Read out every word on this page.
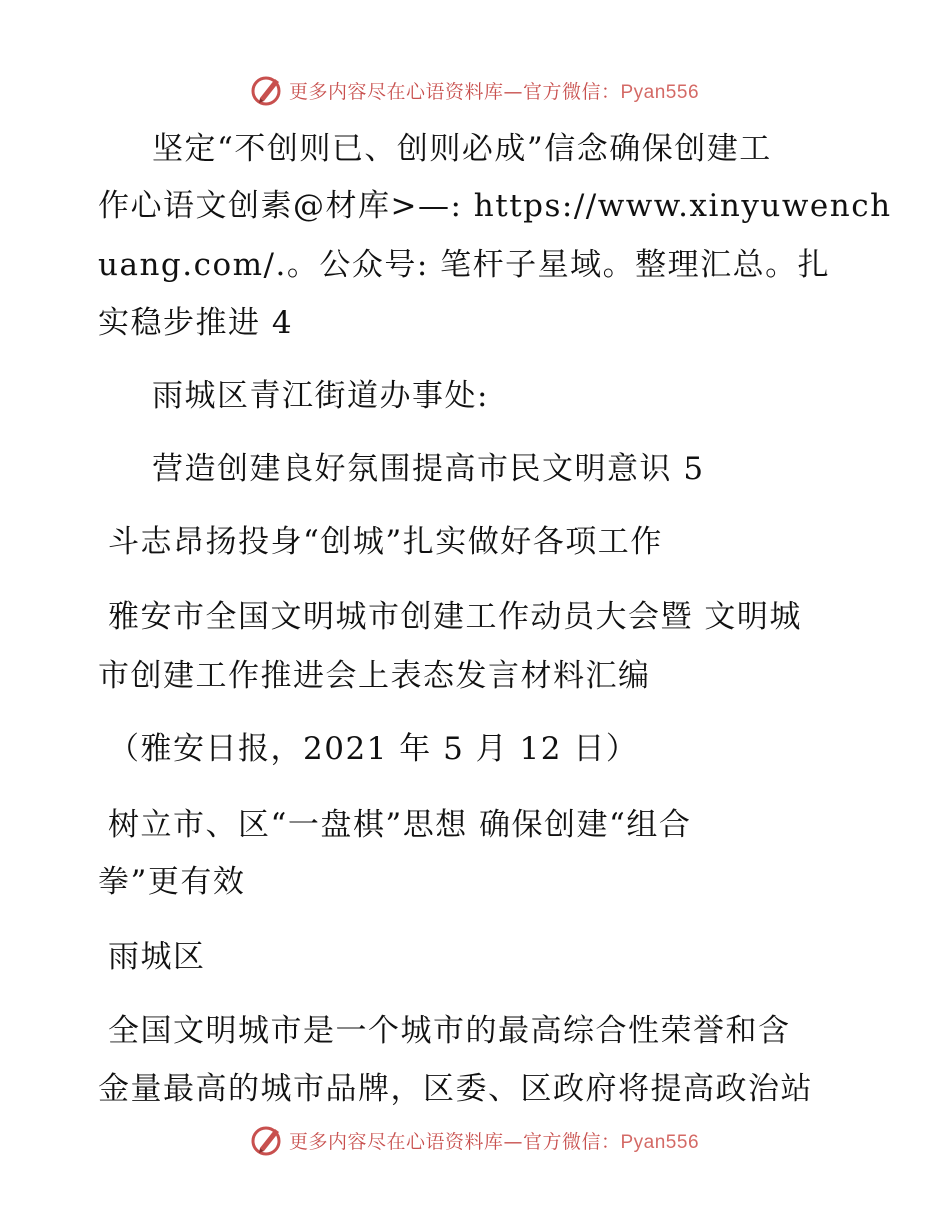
更多内容尽在心语资料库—官方微信：Pyan556
坚定“不创则已、创则必成”信念确保创建工
作心语文创素@材库>—: https://www.xinyuwench
uang.com/.。公众号: 笔杆子星域。整理汇总。扎
实稳步推进 4
雨城区青江街道办事处:
营造创建良好氛围提高市民文明意识 5
斗志昂扬投身“创城”扎实做好各项工作
雅安市全国文明城市创建工作动员大会暨 文明城
市创建工作推进会上表态发言材料汇编
（雅安日报，2021 年 5 月 12 日）
树立市、区“一盘棋”思想 确保创建“组合
拳”更有效
雨城区
全国文明城市是一个城市的最高综合性荣誉和含
金量最高的城市品牌，区委、区政府将提高政治站
更多内容尽在心语资料库—官方微信：Pyan556
